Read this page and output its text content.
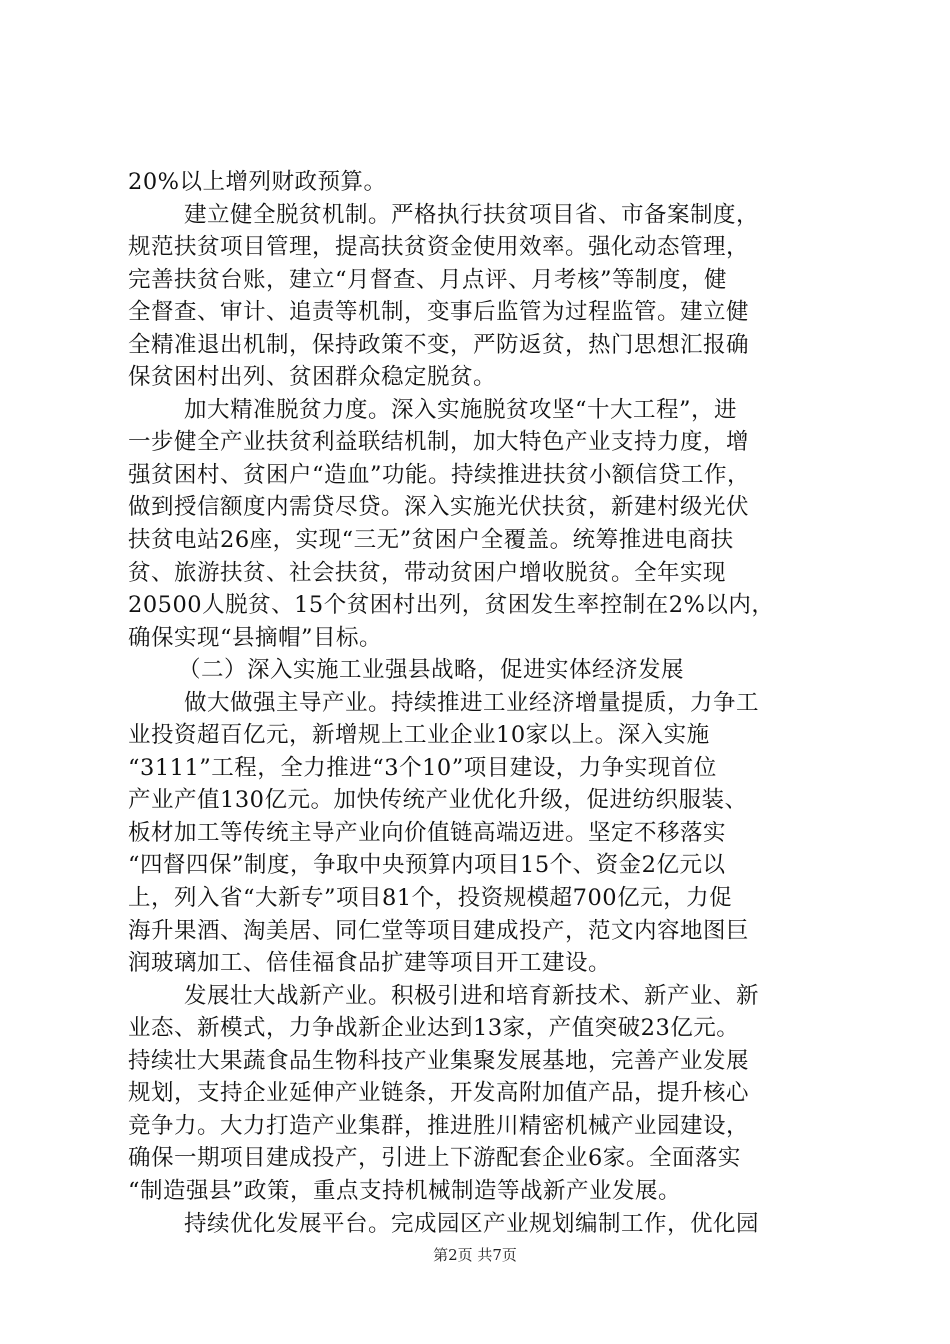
20%以上增列财政预算。
建立健全脱贫机制。严格执行扶贫项目省、市备案制度，
规范扶贫项目管理，提高扶贫资金使用效率。强化动态管理，
完善扶贫台账，建立“月督查、月点评、月考核”等制度，健
全督查、审计、追责等机制，变事后监管为过程监管。建立健
全精准退出机制，保持政策不变，严防返贫，热门思想汇报确
保贫困村出列、贫困群众稳定脱贫。
加大精准脱贫力度。深入实施脱贫攻坚“十大工程”，进
一步健全产业扶贫利益联结机制，加大特色产业支持力度，增
强贫困村、贫困户“造血”功能。持续推进扶贫小额信贷工作，
做到授信额度内需贷尽贷。深入实施光伏扶贫，新建村级光伏
扶贫电站26座，实现“三无”贫困户全覆盖。统筹推进电商扶
贫、旅游扶贫、社会扶贫，带动贫困户增收脱贫。全年实现
20500人脱贫、15个贫困村出列，贫困发生率控制在2%以内，
确保实现“县摘帽”目标。
（二）深入实施工业强县战略，促进实体经济发展
做大做强主导产业。持续推进工业经济增量提质，力争工
业投资超百亿元，新增规上工业企业10家以上。深入实施
“3111”工程，全力推进“3个10”项目建设，力争实现首位
产业产值130亿元。加快传统产业优化升级，促进纺织服装、
板材加工等传统主导产业向价值链高端迈进。坚定不移落实
“四督四保”制度，争取中央预算内项目15个、资金2亿元以
上，列入省“大新专”项目81个，投资规模超700亿元，力促
海升果酒、淘美居、同仁堂等项目建成投产，范文内容地图巨
润玻璃加工、倍佳福食品扩建等项目开工建设。
发展壮大战新产业。积极引进和培育新技术、新产业、新
业态、新模式，力争战新企业达到13家，产值突破23亿元。
持续壮大果蔬食品生物科技产业集聚发展基地，完善产业发展
规划，支持企业延伸产业链条，开发高附加值产品，提升核心
竞争力。大力打造产业集群，推进胜川精密机械产业园建设，
确保一期项目建成投产，引进上下游配套企业6家。全面落实
“制造强县”政策，重点支持机械制造等战新产业发展。
持续优化发展平台。完成园区产业规划编制工作，优化园
第2页 共7页
